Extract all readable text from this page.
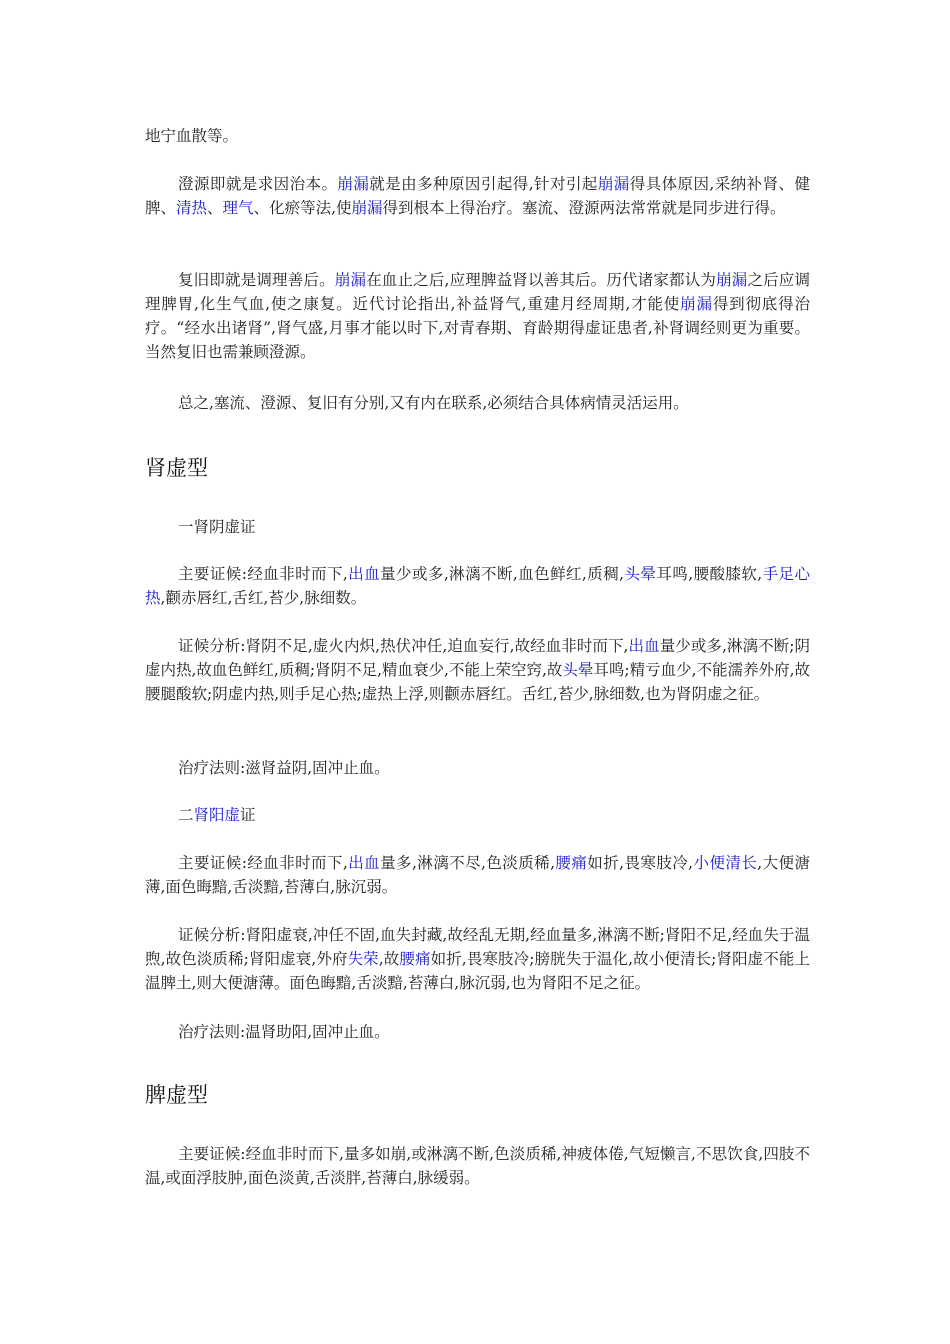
地宁血散等。

澄源即就是求因治本。崩漏就是由多种原因引起得,针对引起崩漏得具体原因,采纳补肾、健脾、清热、理气、化瘀等法,使崩漏得到根本上得治疗。塞流、澄源两法常常就是同步进行得。

复旧即就是调理善后。崩漏在血止之后,应理脾益肾以善其后。历代诸家都认为崩漏之后应调理脾胃,化生气血,使之康复。近代讨论指出,补益肾气,重建月经周期,才能使崩漏得到彻底得治疗。“经水出诸肾”,肾气盛,月事才能以时下,对青春期、育龄期得虚证患者,补肾调经则更为重要。当然复旧也需兼顾澄源。

总之,塞流、澄源、复旧有分别,又有内在联系,必须结合具体病情灵活运用。

肾虚型

一肾阴虚证

主要证候:经血非时而下,出血量少或多,淋漓不断,血色鲜红,质稠,头晕耳鸣,腰酸膝软,手足心热,颧赤唇红,舌红,苔少,脉细数。

证候分析:肾阴不足,虚火内炽,热伏冲任,迫血妄行,故经血非时而下,出血量少或多,淋漓不断;阴虚内热,故血色鲜红,质稠;肾阴不足,精血衰少,不能上荣空窍,故头晕耳鸣;精亏血少,不能濡养外府,故腰腿酸软;阴虚内热,则手足心热;虚热上浮,则颧赤唇红。舌红,苔少,脉细数,也为肾阴虚之征。

治疗法则:滋肾益阴,固冲止血。

二肾阳虚证

主要证候:经血非时而下,出血量多,淋漓不尽,色淡质稀,腰痛如折,畏寒肢冷,小便清长,大便溏薄,面色晦黯,舌淡黯,苔薄白,脉沉弱。

证候分析:肾阳虚衰,冲任不固,血失封藏,故经乱无期,经血量多,淋漓不断;肾阳不足,经血失于温煦,故色淡质稀;肾阳虚衰,外府失荣,故腰痛如折,畏寒肢冷;膀胱失于温化,故小便清长;肾阳虚不能上温脾土,则大便溏薄。面色晦黯,舌淡黯,苔薄白,脉沉弱,也为肾阳不足之征。

治疗法则:温肾助阳,固冲止血。

脾虚型

主要证候:经血非时而下,量多如崩,或淋漓不断,色淡质稀,神疲体倦,气短懒言,不思饮食,四肢不温,或面浮肢肿,面色淡黄,舌淡胖,苔薄白,脉缓弱。
